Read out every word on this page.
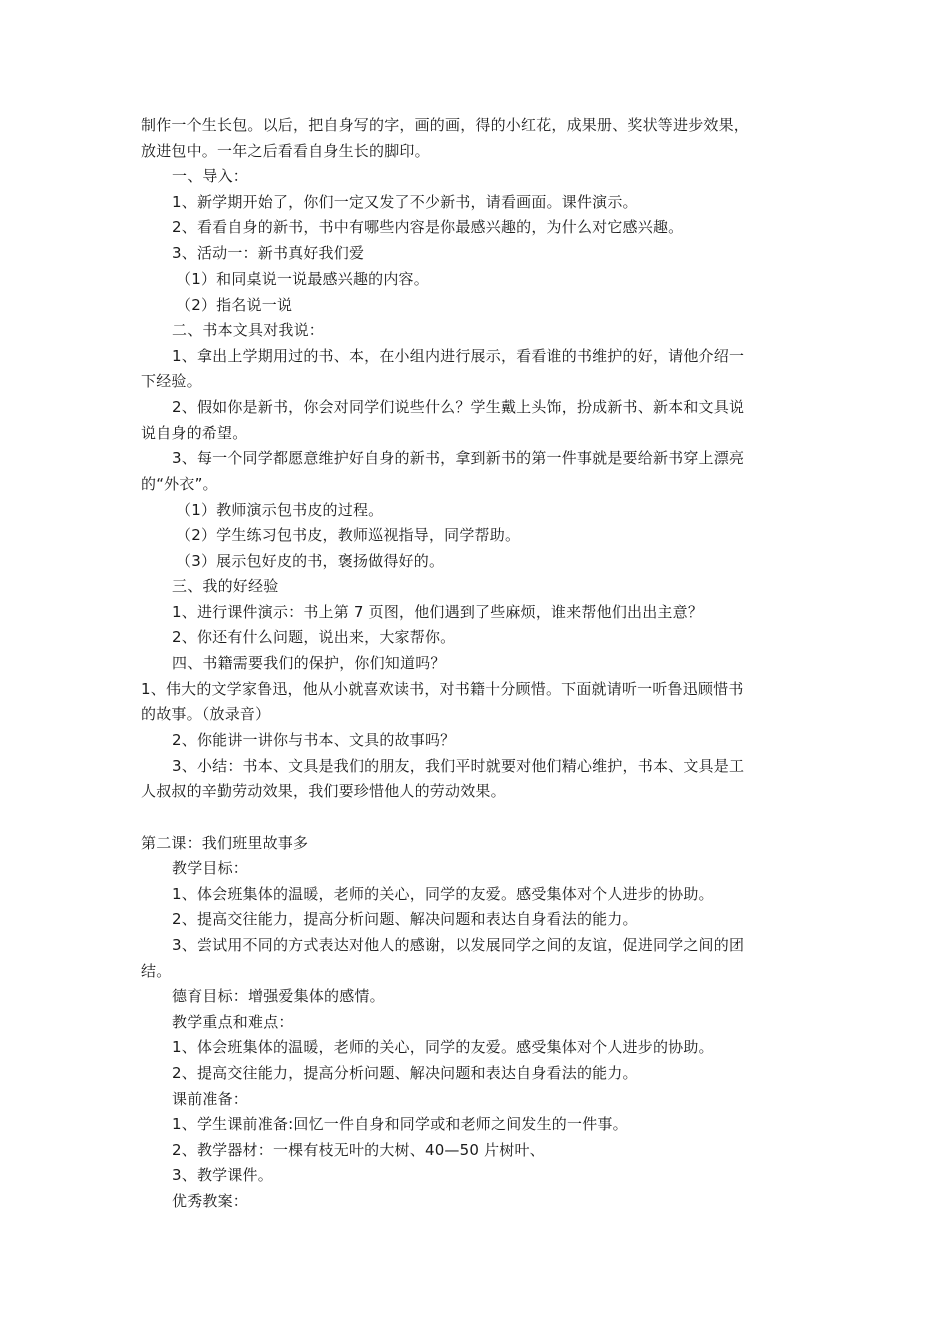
制作一个生长包。以后，把自身写的字，画的画，得的小红花，成果册、奖状等进步效果，
放进包中。一年之后看看自身生长的脚印。
一、导入：
1、新学期开始了，你们一定又发了不少新书，请看画面。课件演示。
2、看看自身的新书，书中有哪些内容是你最感兴趣的，为什么对它感兴趣。
3、活动一：新书真好我们爱
（1）和同桌说一说最感兴趣的内容。
（2）指名说一说
二、书本文具对我说：
1、拿出上学期用过的书、本，在小组内进行展示，看看谁的书维护的好，请他介绍一
下经验。
2、假如你是新书，你会对同学们说些什么？学生戴上头饰，扮成新书、新本和文具说
说自身的希望。
3、每一个同学都愿意维护好自身的新书，拿到新书的第一件事就是要给新书穿上漂亮
的“外衣”。
（1）教师演示包书皮的过程。
（2）学生练习包书皮，教师巡视指导，同学帮助。
（3）展示包好皮的书，褒扬做得好的。
三、我的好经验
1、进行课件演示：书上第 7 页图，他们遇到了些麻烦，谁来帮他们出出主意？
2、你还有什么问题，说出来，大家帮你。
四、书籍需要我们的保护，你们知道吗？
1、伟大的文学家鲁迅，他从小就喜欢读书，对书籍十分顾惜。下面就请听一听鲁迅顾惜书
的故事。（放录音）
2、你能讲一讲你与书本、文具的故事吗？
3、小结：书本、文具是我们的朋友，我们平时就要对他们精心维护，书本、文具是工
人叔叔的辛勤劳动效果，我们要珍惜他人的劳动效果。
第二课：我们班里故事多
教学目标：
1、体会班集体的温暖，老师的关心，同学的友爱。感受集体对个人进步的协助。
2、提高交往能力，提高分析问题、解决问题和表达自身看法的能力。
3、尝试用不同的方式表达对他人的感谢，以发展同学之间的友谊，促进同学之间的团
结。
德育目标：增强爱集体的感情。
教学重点和难点：
1、体会班集体的温暖，老师的关心，同学的友爱。感受集体对个人进步的协助。
2、提高交往能力，提高分析问题、解决问题和表达自身看法的能力。
课前准备：
1、学生课前准备:回忆一件自身和同学或和老师之间发生的一件事。
2、教学器材：一棵有枝无叶的大树、40—50 片树叶、
3、教学课件。
优秀教案：
